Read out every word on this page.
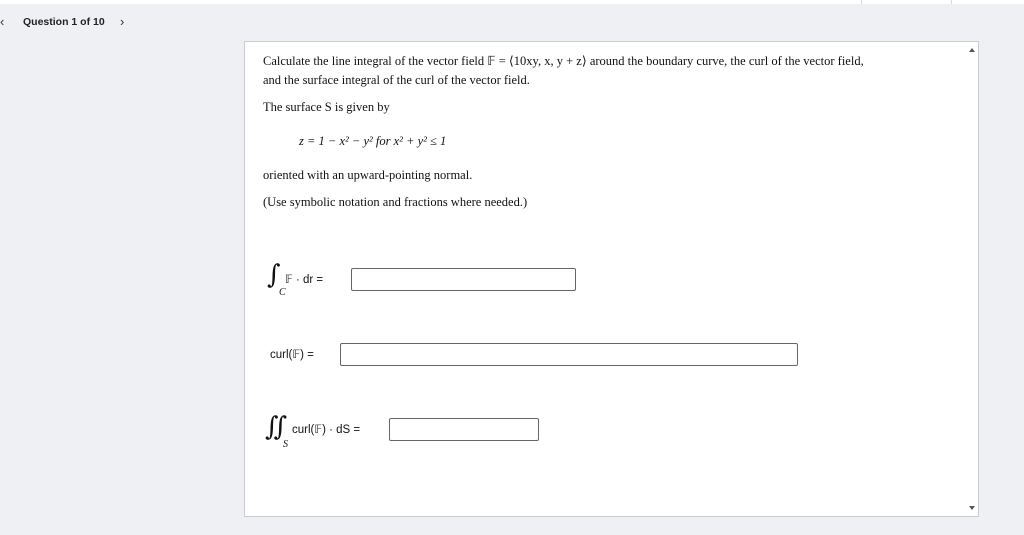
‹	Question 1 of 10 ›
Calculate the line integral of the vector field 𝔽 = ⟨10xy, x, y + z⟩ around the boundary curve, the curl of the vector field,
and the surface integral of the curl of the vector field.
The surface S is given by
z = 1 − x² − y² for x² + y² ≤ 1
oriented with an upward-pointing normal.
(Use symbolic notation and fractions where needed.)
∫
C
𝔽 · dr =
curl(𝔽) =
∬
S
curl(𝔽) · dS =
